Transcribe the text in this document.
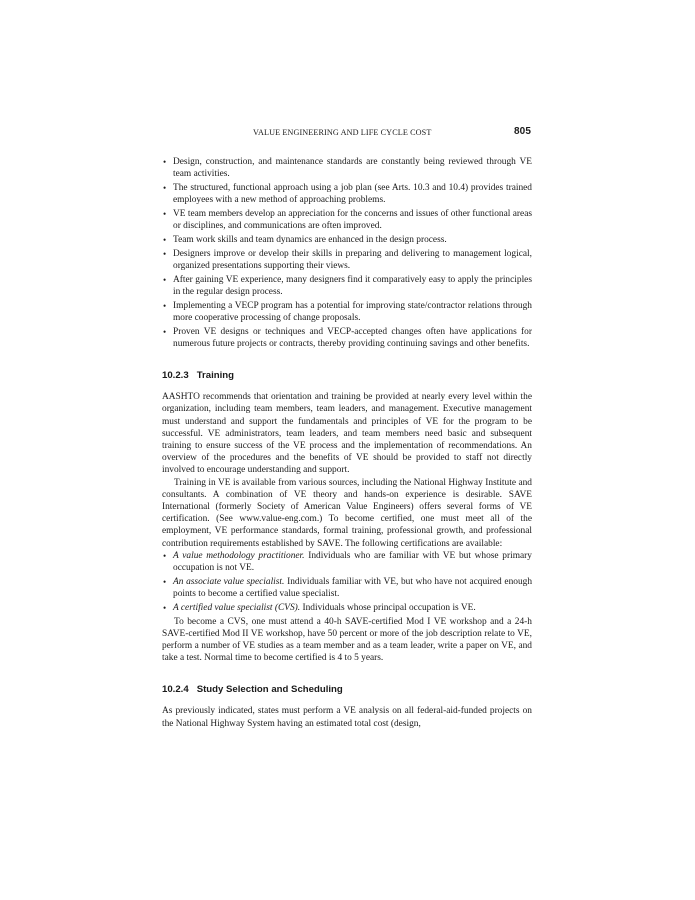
VALUE ENGINEERING AND LIFE CYCLE COST	805
• Design, construction, and maintenance standards are constantly being reviewed through VE team activities.
• The structured, functional approach using a job plan (see Arts. 10.3 and 10.4) provides trained employees with a new method of approaching problems.
• VE team members develop an appreciation for the concerns and issues of other functional areas or disciplines, and communications are often improved.
• Team work skills and team dynamics are enhanced in the design process.
• Designers improve or develop their skills in preparing and delivering to management logical, organized presentations supporting their views.
• After gaining VE experience, many designers find it comparatively easy to apply the principles in the regular design process.
• Implementing a VECP program has a potential for improving state/contractor relations through more cooperative processing of change proposals.
• Proven VE designs or techniques and VECP-accepted changes often have applications for numerous future projects or contracts, thereby providing continuing savings and other benefits.
10.2.3 Training

AASHTO recommends that orientation and training be provided at nearly every level within the organization, including team members, team leaders, and management. Executive management must understand and support the fundamentals and principles of VE for the program to be successful. VE administrators, team leaders, and team members need basic and subsequent training to ensure success of the VE process and the implementation of recommendations. An overview of the procedures and the benefits of VE should be provided to staff not directly involved to encourage understanding and support.

Training in VE is available from various sources, including the National Highway Institute and consultants. A combination of VE theory and hands-on experience is desirable. SAVE International (formerly Society of American Value Engineers) offers several forms of VE certification. (See www.value-eng.com.) To become certified, one must meet all of the employment, VE performance standards, formal training, professional growth, and professional contribution requirements established by SAVE. The following certifications are available:

• A value methodology practitioner. Individuals who are familiar with VE but whose primary occupation is not VE.
• An associate value specialist. Individuals familiar with VE, but who have not acquired enough points to become a certified value specialist.
• A certified value specialist (CVS). Individuals whose principal occupation is VE.

To become a CVS, one must attend a 40-h SAVE-certified Mod I VE workshop and a 24-h SAVE-certified Mod II VE workshop, have 50 percent or more of the job description relate to VE, perform a number of VE studies as a team member and as a team leader, write a paper on VE, and take a test. Normal time to become certified is 4 to 5 years.

10.2.4 Study Selection and Scheduling

As previously indicated, states must perform a VE analysis on all federal-aid-funded projects on the National Highway System having an estimated total cost (design,
